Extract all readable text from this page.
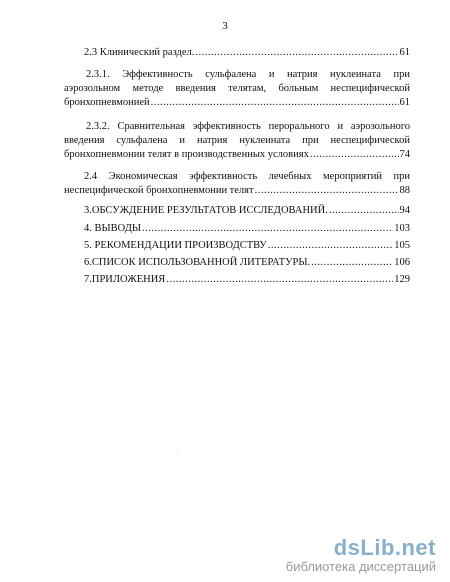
3
2.3 Клинический раздел. .....	61
2.3.1. Эффективность сульфалена и натрия нуклеината при
аэрозольном методе введения телятам, больным неспецифической
бронхопневмонией .....	61
2.3.2. Сравнительная эффективность перорального и аэрозольного
введения сульфалена и натрия нуклеината при неспецифической
бронхопневмонии телят в производственных условиях .....	74
2.4 Экономическая эффективность лечебных мероприятий при
неспецифической бронхопневмонии телят .....	88
3.ОБСУЖДЕНИЕ РЕЗУЛЬТАТОВ ИССЛЕДОВАНИЙ. .....	94
4. ВЫВОДЫ .....	103
5. РЕКОМЕНДАЦИИ ПРОИЗВОДСТВУ .....	105
6.СПИСОК ИСПОЛЬЗОВАННОЙ ЛИТЕРАТУРЫ. .....	106
7.ПРИЛОЖЕНИЯ .....	129
·
·
dsLib.net
библиотека диссертаций
